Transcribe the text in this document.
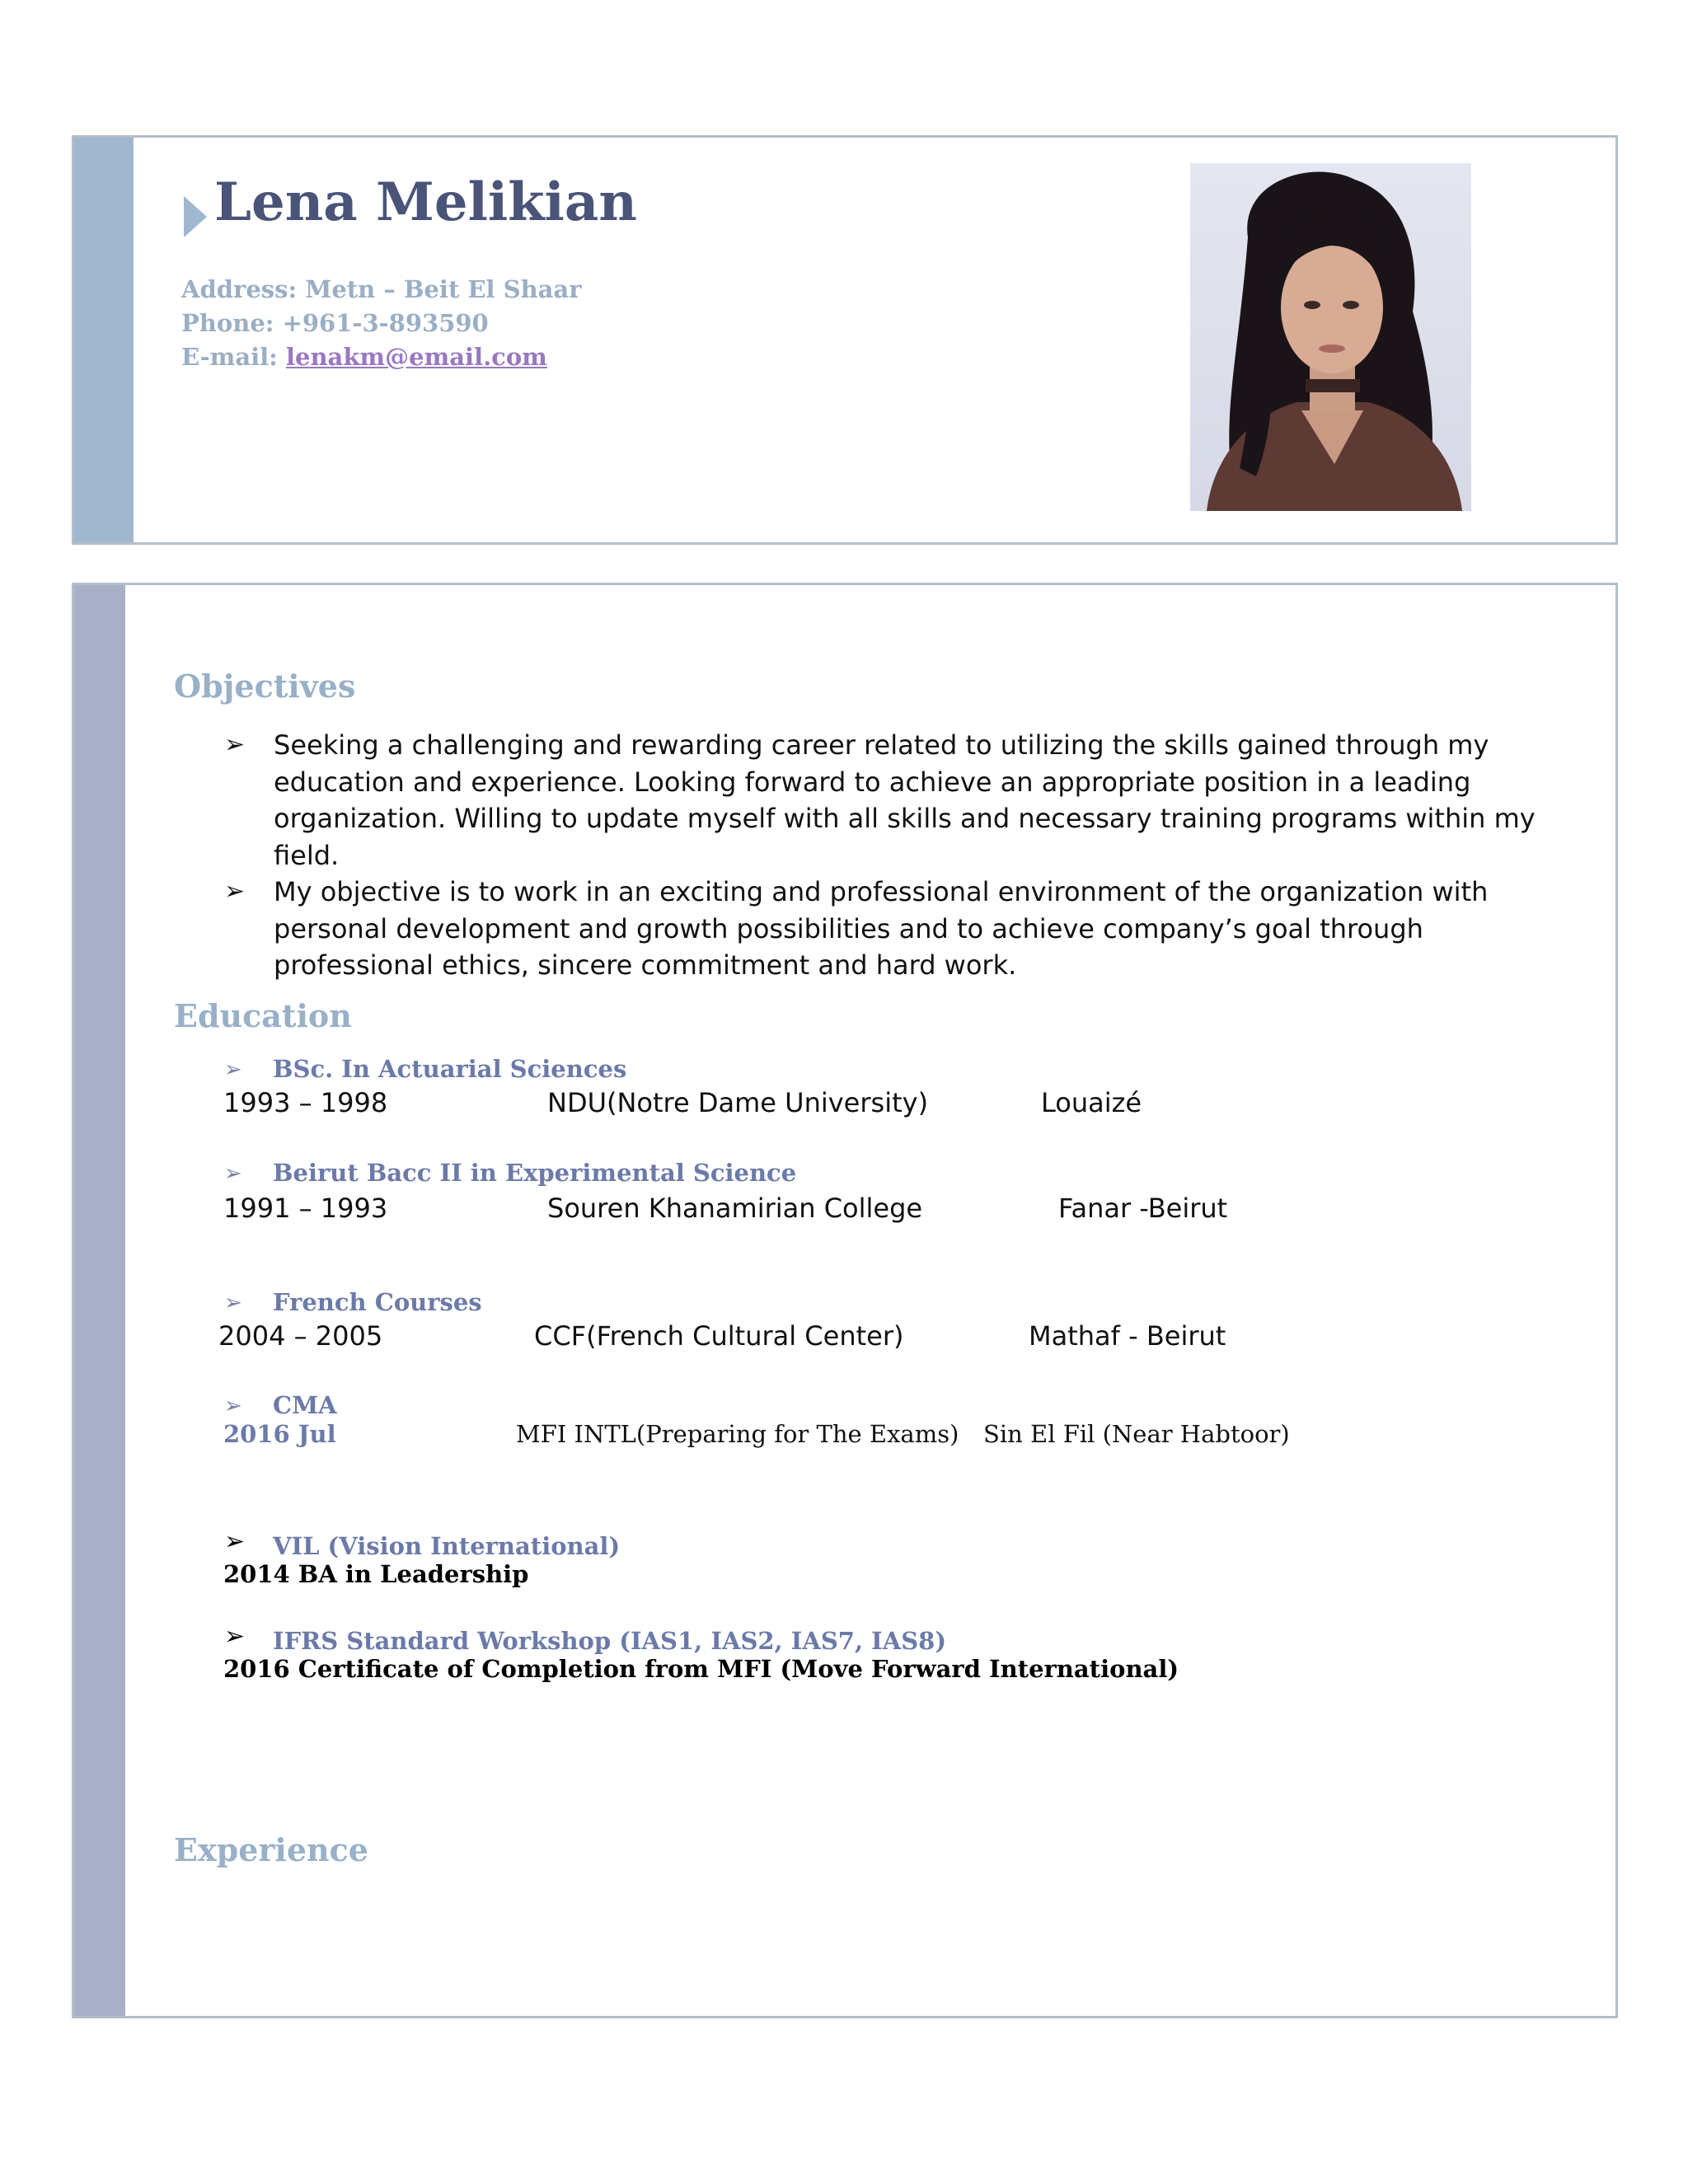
Lena Melikian
Address: Metn – Beit El Shaar
Phone: +961-3-893590
E-mail: lenakm@email.com
Objectives
➢ Seeking a challenging and rewarding career related to utilizing the skills gained through my education and experience. Looking forward to achieve an appropriate position in a leading organization. Willing to update myself with all skills and necessary training programs within my field.
➢ My objective is to work in an exciting and professional environment of the organization with personal development and growth possibilities and to achieve company’s goal through professional ethics, sincere commitment and hard work.
Education
➢ BSc. In Actuarial Sciences
1993 – 1998	NDU(Notre Dame University)	Louaizé
➢ Beirut Bacc II in Experimental Science
1991 – 1993	Souren Khanamirian College	Fanar -Beirut
➢ French Courses
2004 – 2005	CCF(French Cultural Center)	Mathaf - Beirut
➢ CMA
2016 Jul	MFI INTL(Preparing for The Exams) Sin El Fil (Near Habtoor)
➢ VIL (Vision International)
2014 BA in Leadership
➢ IFRS Standard Workshop (IAS1, IAS2, IAS7, IAS8)
2016 Certificate of Completion from MFI (Move Forward International)
Experience
